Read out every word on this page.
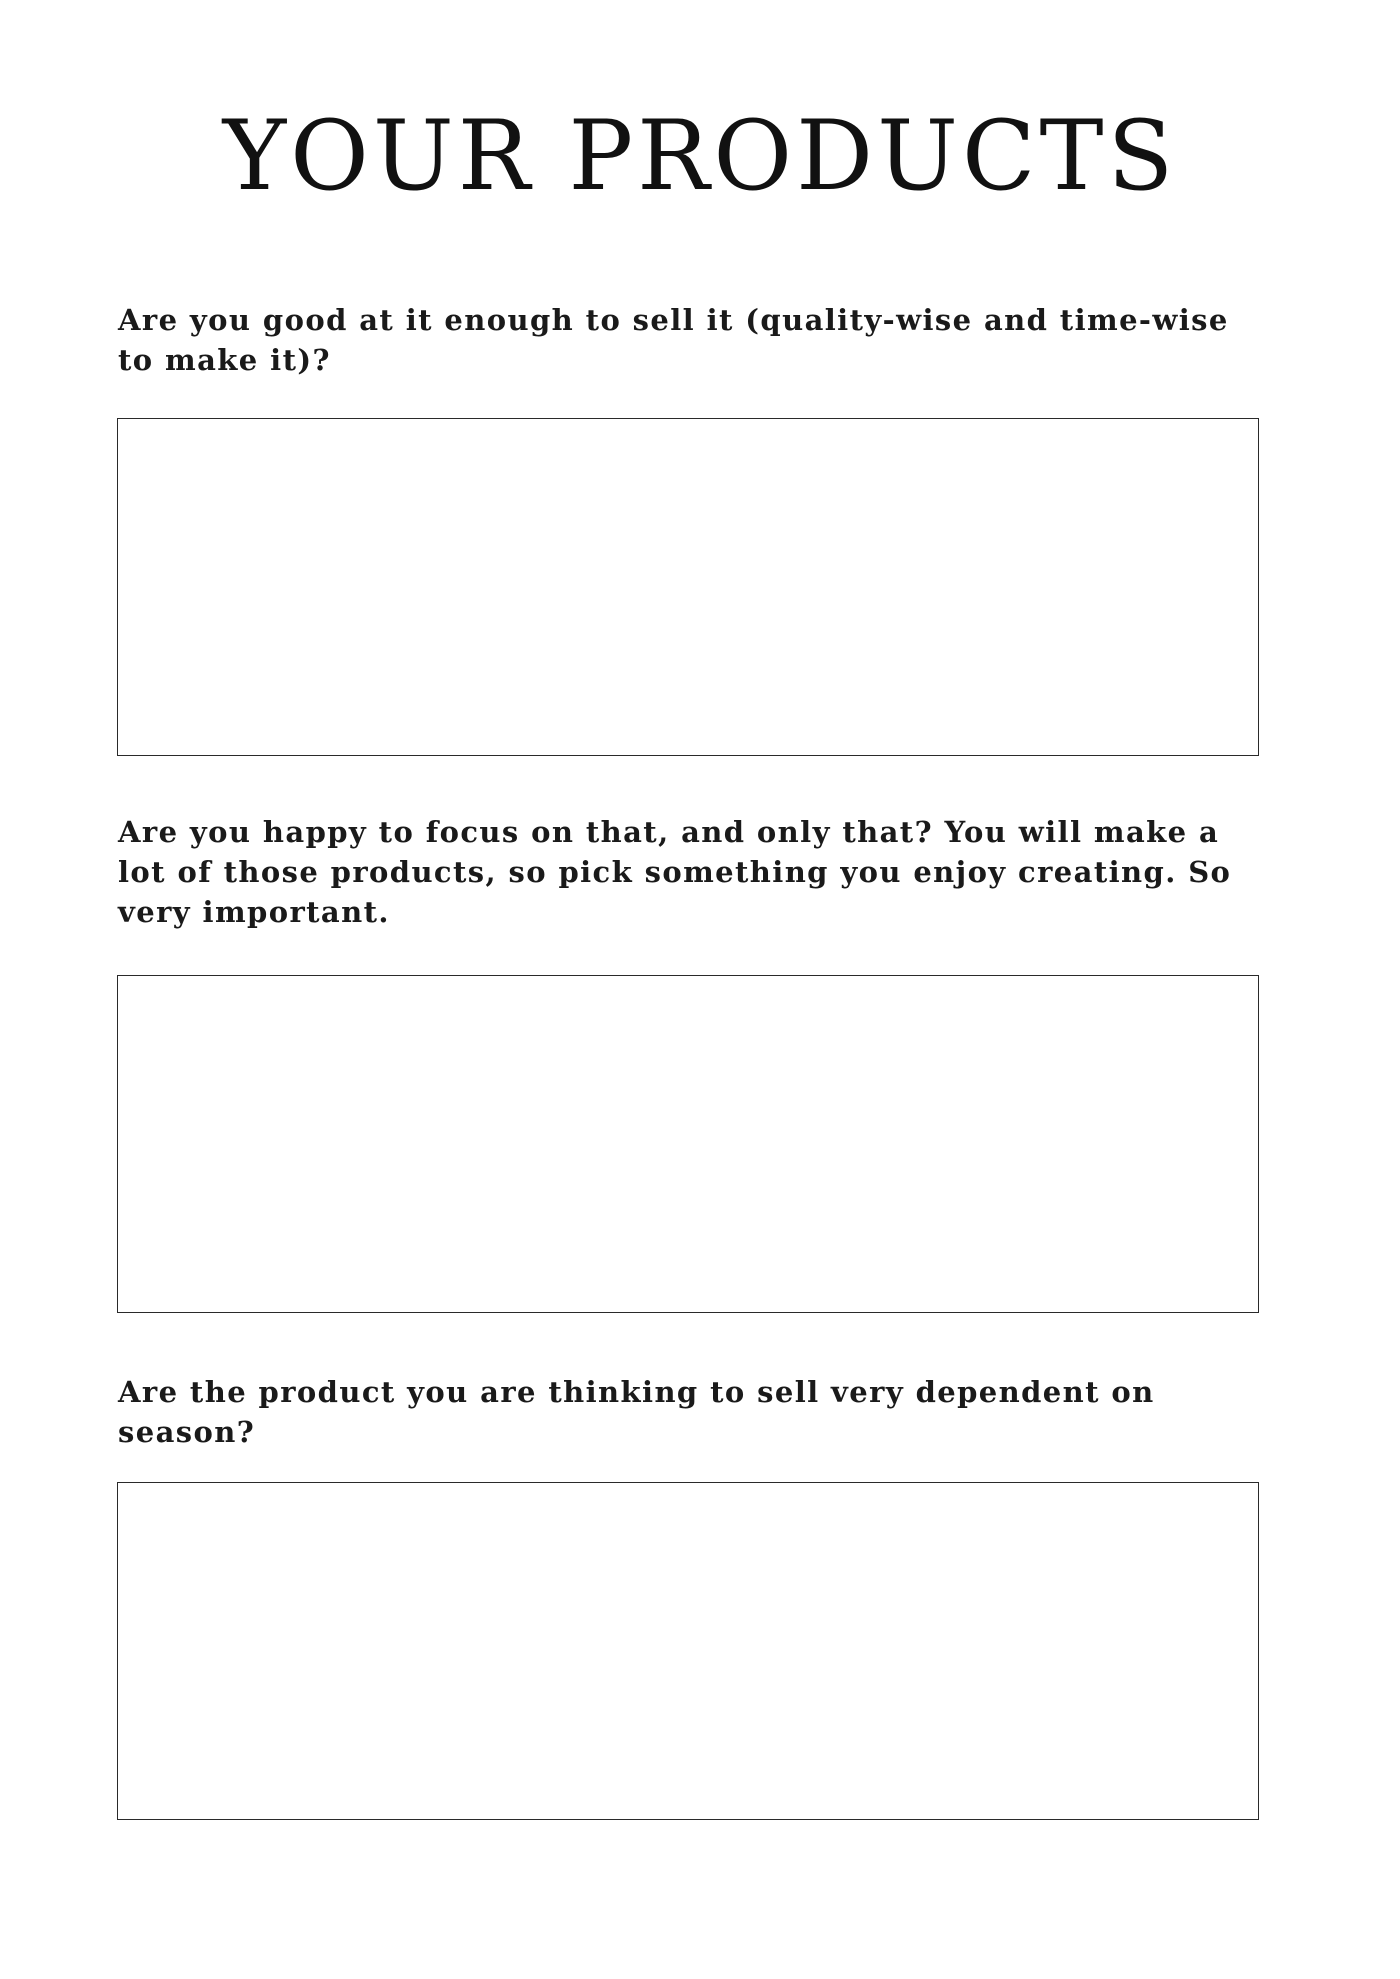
YOUR PRODUCTS

Are you good at it enough to sell it (quality-wise and time-wise to make it)?

Are you happy to focus on that, and only that? You will make a lot of those products, so pick something you enjoy creating. So very important.

Are the product you are thinking to sell very dependent on season?
